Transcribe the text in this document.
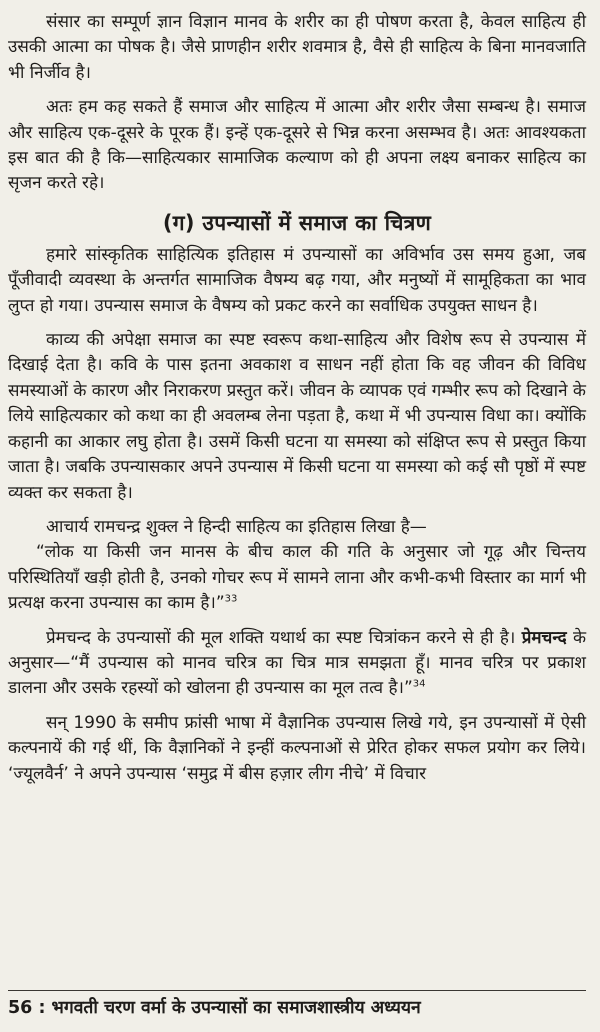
संसार का सम्पूर्ण ज्ञान विज्ञान मानव के शरीर का ही पोषण करता है, केवल साहित्य ही उसकी आत्मा का पोषक है। जैसे प्राणहीन शरीर शवमात्र है, वैसे ही साहित्य के बिना मानवजाति भी निर्जीव है।

अतः हम कह सकते हैं समाज और साहित्य में आत्मा और शरीर जैसा सम्बन्ध है। समाज और साहित्य एक-दूसरे के पूरक हैं। इन्हें एक-दूसरे से भिन्न करना असम्भव है। अतः आवश्यकता इस बात की है कि—साहित्यकार सामाजिक कल्याण को ही अपना लक्ष्य बनाकर साहित्य का सृजन करते रहे।

(ग) उपन्यासों में समाज का चित्रण

हमारे सांस्कृतिक साहित्यिक इतिहास मं उपन्यासों का अविर्भाव उस समय हुआ, जब पूँजीवादी व्यवस्था के अन्तर्गत सामाजिक वैषम्य बढ़ गया, और मनुष्यों में सामूहिकता का भाव लुप्त हो गया। उपन्यास समाज के वैषम्य को प्रकट करने का सर्वाधिक उपयुक्त साधन है।

काव्य की अपेक्षा समाज का स्पष्ट स्वरूप कथा-साहित्य और विशेष रूप से उपन्यास में दिखाई देता है। कवि के पास इतना अवकाश व साधन नहीं होता कि वह जीवन की विविध समस्याओं के कारण और निराकरण प्रस्तुत करें। जीवन के व्यापक एवं गम्भीर रूप को दिखाने के लिये साहित्यकार को कथा का ही अवलम्ब लेना पड़ता है, कथा में भी उपन्यास विधा का। क्योंकि कहानी का आकार लघु होता है। उसमें किसी घटना या समस्या को संक्षिप्त रूप से प्रस्तुत किया जाता है। जबकि उपन्यासकार अपने उपन्यास में किसी घटना या समस्या को कई सौ पृष्ठों में स्पष्ट व्यक्त कर सकता है।

आचार्य रामचन्द्र शुक्ल ने हिन्दी साहित्य का इतिहास लिखा है—

“लोक या किसी जन मानस के बीच काल की गति के अनुसार जो गूढ़ और चिन्तय परिस्थितियाँ खड़ी होती है, उनको गोचर रूप में सामने लाना और कभी-कभी विस्तार का मार्ग भी प्रत्यक्ष करना उपन्यास का काम है।”$^{33}$

प्रेमचन्द के उपन्यासों की मूल शक्ति यथार्थ का स्पष्ट चित्रांकन करने से ही है। प्रेमचन्द के अनुसार—“मैं उपन्यास को मानव चरित्र का चित्र मात्र समझता हूँ। मानव चरित्र पर प्रकाश डालना और उसके रहस्यों को खोलना ही उपन्यास का मूल तत्व है।”$^{34}$

सन् 1990 के समीप फ्रांसी भाषा में वैज्ञानिक उपन्यास लिखे गये, इन उपन्यासों में ऐसी कल्पनायें की गई थीं, कि वैज्ञानिकों ने इन्हीं कल्पनाओं से प्रेरित होकर सफल प्रयोग कर लिये। ‘ज्यूलवैर्न’ ने अपने उपन्यास ‘समुद्र में बीस हज़ार लीग नीचे’ में विचार

56 : भगवती चरण वर्मा के उपन्यासों का समाजशास्त्रीय अध्ययन
